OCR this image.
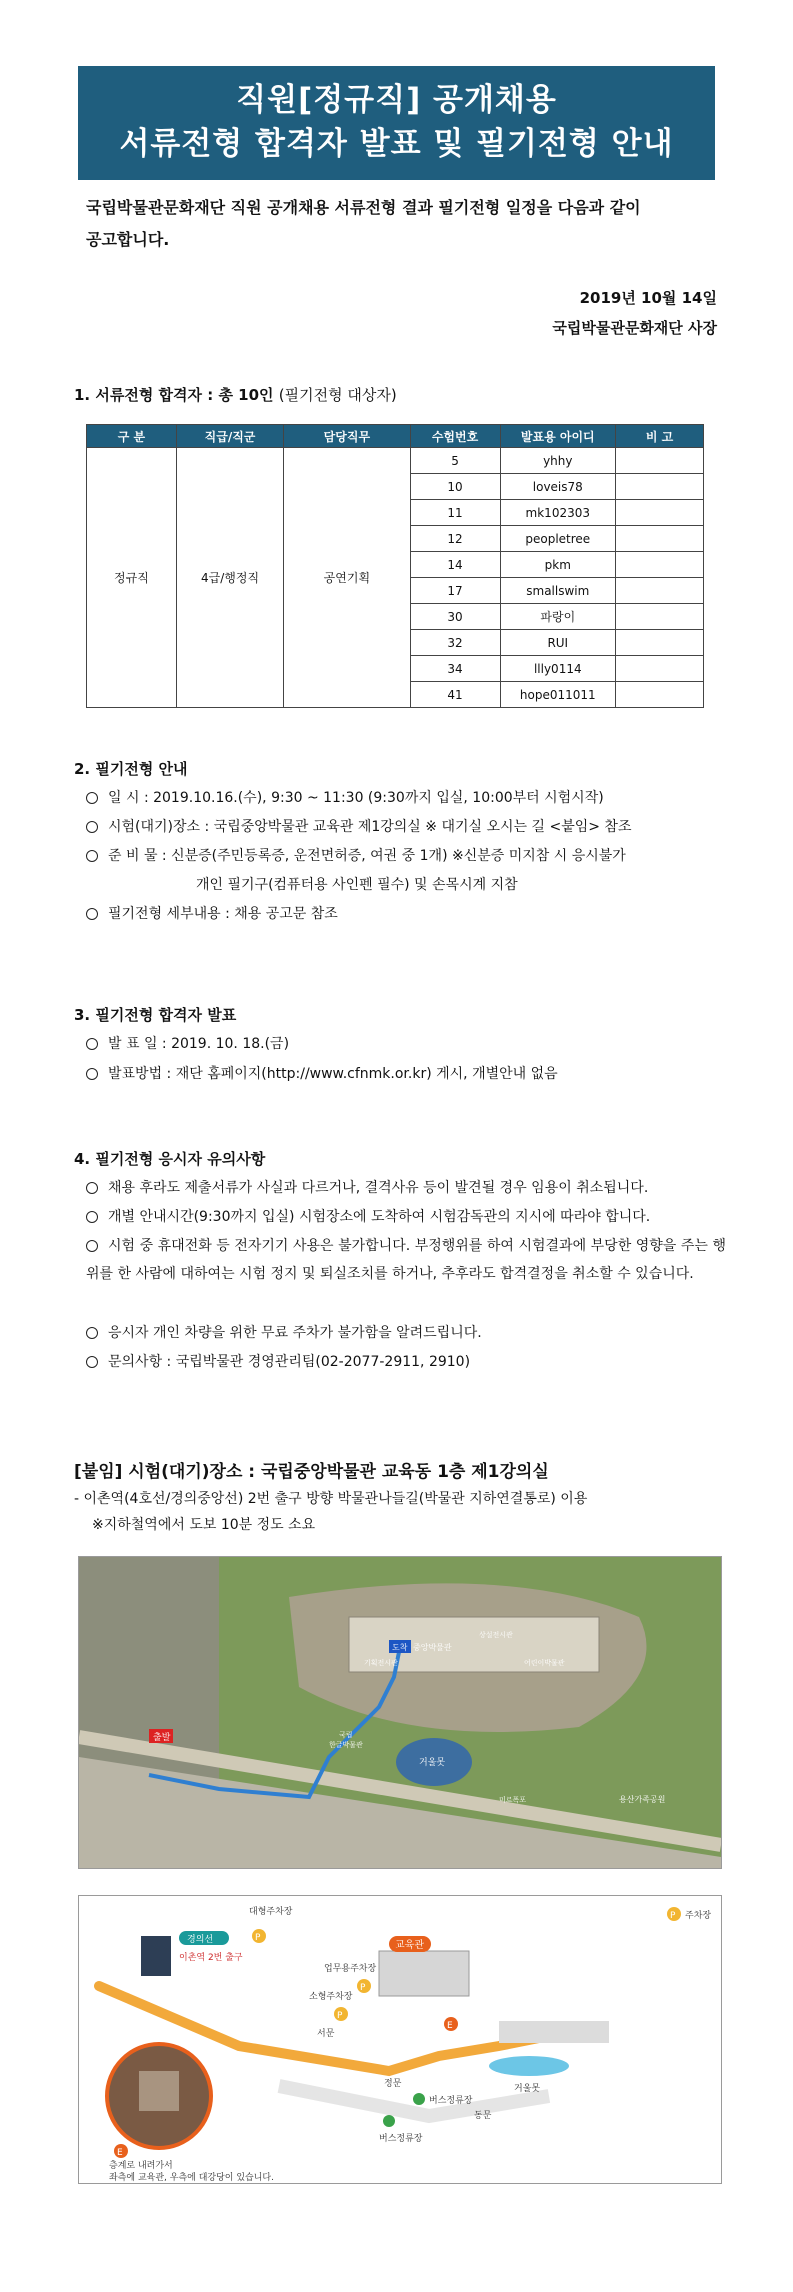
직원[정규직] 공개채용
서류전형 합격자 발표 및 필기전형 안내
국립박물관문화재단 직원 공개채용 서류전형 결과 필기전형 일정을 다음과 같이
공고합니다.
2019년 10월 14일
국립박물관문화재단 사장
1. 서류전형 합격자 : 총 10인 (필기전형 대상자)
구 분	직급/직군	담당직무	수험번호	발표용 아이디	비 고
정규직	4급/행정직	공연기획	5	yhhy	
			10	loveis78	
			11	mk102303	
			12	peopletree	
			14	pkm	
			17	smallswim	
			30	파랑이	
			32	RUI	
			34	llly0114	
			41	hope011011	
2. 필기전형 안내
일 시 : 2019.10.16.(수), 9:30 ~ 11:30 (9:30까지 입실, 10:00부터 시험시작)
시험(대기)장소 : 국립중앙박물관 교육관 제1강의실 ※ 대기실 오시는 길 <붙임> 참조
준 비 물 : 신분증(주민등록증, 운전면허증, 여권 중 1개) ※신분증 미지참 시 응시불가
개인 필기구(컴퓨터용 사인펜 필수) 및 손목시계 지참
필기전형 세부내용 : 채용 공고문 참조
3. 필기전형 합격자 발표
발 표 일 : 2019. 10. 18.(금)
발표방법 : 재단 홈페이지(http://www.cfnmk.or.kr) 게시, 개별안내 없음
4. 필기전형 응시자 유의사항
채용 후라도 제출서류가 사실과 다르거나, 결격사유 등이 발견될 경우 임용이 취소됩니다.
개별 안내시간(9:30까지 입실) 시험장소에 도착하여 시험감독관의 지시에 따라야 합니다.
시험 중 휴대전화 등 전자기기 사용은 불가합니다. 부정행위를 하여 시험결과에 부당한 영향을 주는 행위를 한 사람에 대하여는 시험 정지 및 퇴실조치를 하거나, 추후라도 합격결정을 취소할 수 있습니다.
응시자 개인 차량을 위한 무료 주차가 불가함을 알려드립니다.
문의사항 : 국립박물관 경영관리팀(02-2077-2911, 2910)
[붙임] 시험(대기)장소 : 국립중앙박물관 교육동 1층 제1강의실
- 이촌역(4호선/경의중앙선) 2번 출구 방향 박물관나들길(박물관 지하연결통로) 이용
※지하철역에서 도보 10분 정도 소요
출발
도착 중앙박물관
거울못
기획전시관	어린이박물관
상설전시관
용산가족공원
국립
한글박물관
미르폭포
거울못
교육관
E
경의선
이촌역 2번 출구
대형주차장
P
업무용주차장
P
소형주차장
P
P 주차장
서문
정문
동문
버스정류장
버스정류장
E
층계로 내려가서
좌측에 교육관, 우측에 대강당이 있습니다.
